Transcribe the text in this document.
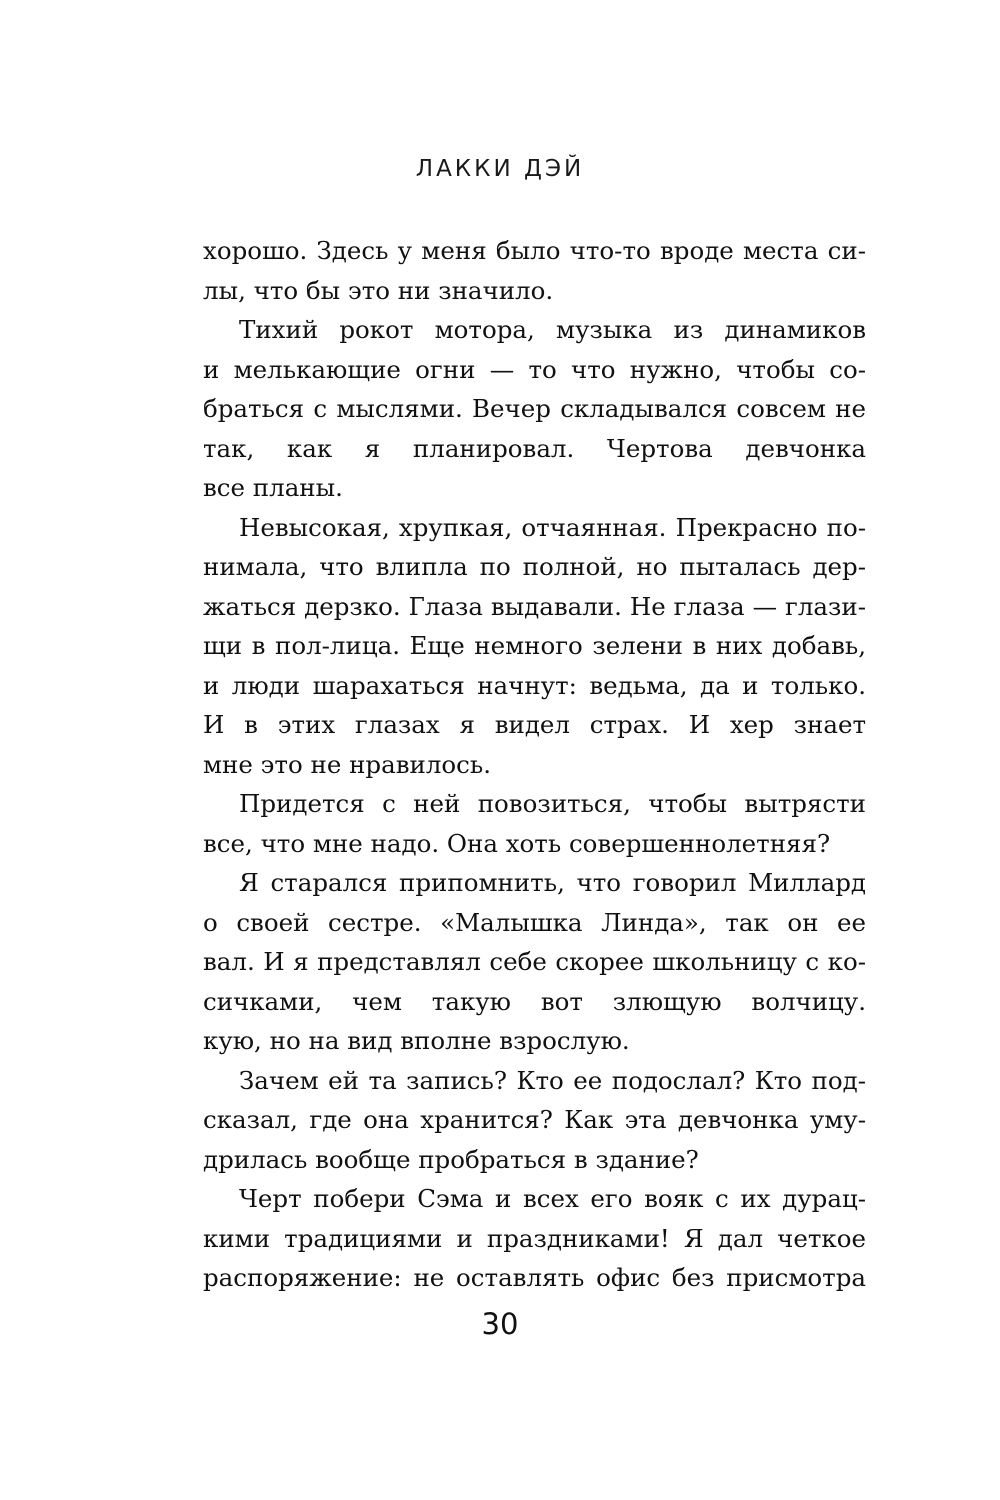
ЛАККИ ДЭЙ
хорошо. Здесь у меня было что-то вроде места си-
лы, что бы это ни значило.
Тихий рокот мотора, музыка из динамиков
и мелькающие огни — то что нужно, чтобы со-
браться с мыслями. Вечер складывался совсем не
так, как я планировал. Чертова девчонка
все планы.
Невысокая, хрупкая, отчаянная. Прекрасно по-
нимала, что влипла по полной, но пыталась дер-
жаться дерзко. Глаза выдавали. Не глаза — глази-
щи в пол-лица. Еще немного зелени в них добавь,
и люди шарахаться начнут: ведьма, да и только.
И в этих глазах я видел страх. И хер знает
мне это не нравилось.
Придется с ней повозиться, чтобы вытрясти
все, что мне надо. Она хоть совершеннолетняя?
Я старался припомнить, что говорил Миллард
о своей сестре. «Малышка Линда», так он ее
вал. И я представлял себе скорее школьницу с ко-
сичками, чем такую вот злющую волчицу.
кую, но на вид вполне взрослую.
Зачем ей та запись? Кто ее подослал? Кто под-
сказал, где она хранится? Как эта девчонка уму-
дрилась вообще пробраться в здание?
Черт побери Сэма и всех его вояк с их дурац-
кими традициями и праздниками! Я дал четкое
распоряжение: не оставлять офис без присмотра
30
